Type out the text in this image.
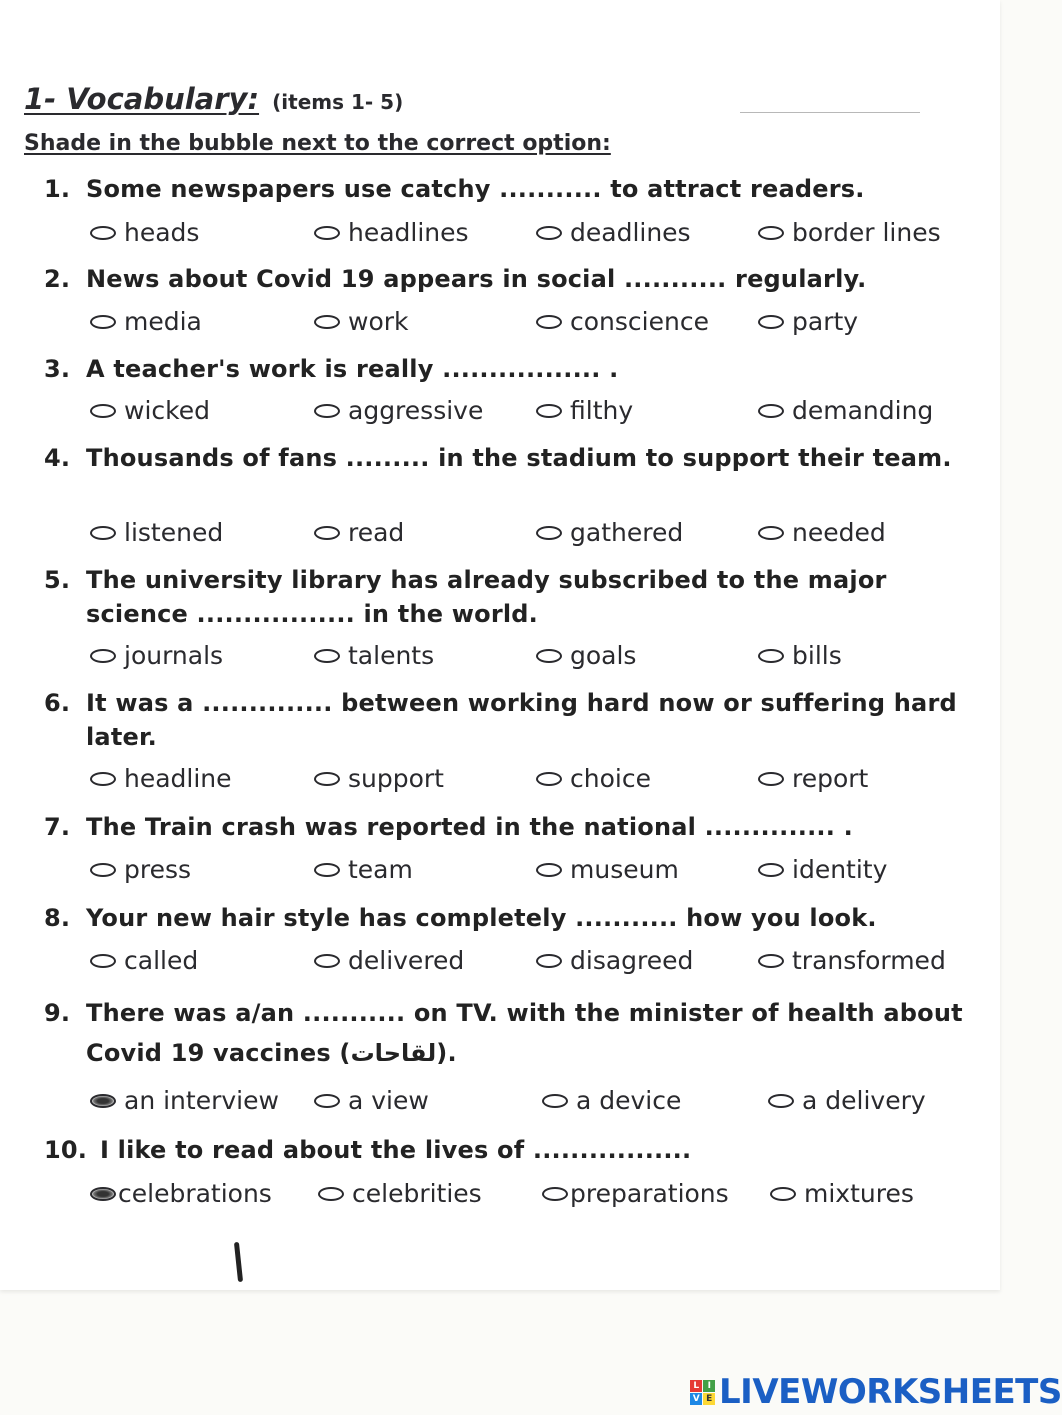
1- Vocabulary: (items 1- 5)
Shade in the bubble next to the correct option:
1. Some newspapers use catchy ........... to attract readers.
heads	headlines	deadlines	border lines
2. News about Covid 19 appears in social ........... regularly.
media	work	conscience	party
3. A teacher's work is really ................. .
wicked	aggressive	filthy	demanding
4. Thousands of fans ......... in the stadium to support their team.
listened	read	gathered	needed
5. The university library has already subscribed to the major science ................. in the world.
journals	talents	goals	bills
6. It was a .............. between working hard now or suffering hard later.
headline	support	choice	report
7. The Train crash was reported in the national .............. .
press	team	museum	identity
8. Your new hair style has completely ........... how you look.
called	delivered	disagreed	transformed
9. There was a/an ........... on TV. with the minister of health about Covid 19 vaccines (لقاحات).
an interview	a view	a device	a delivery
10. I like to read about the lives of .................
celebrations	celebrities	preparations	mixtures
L I
V E LIVEWORKSHEETS
